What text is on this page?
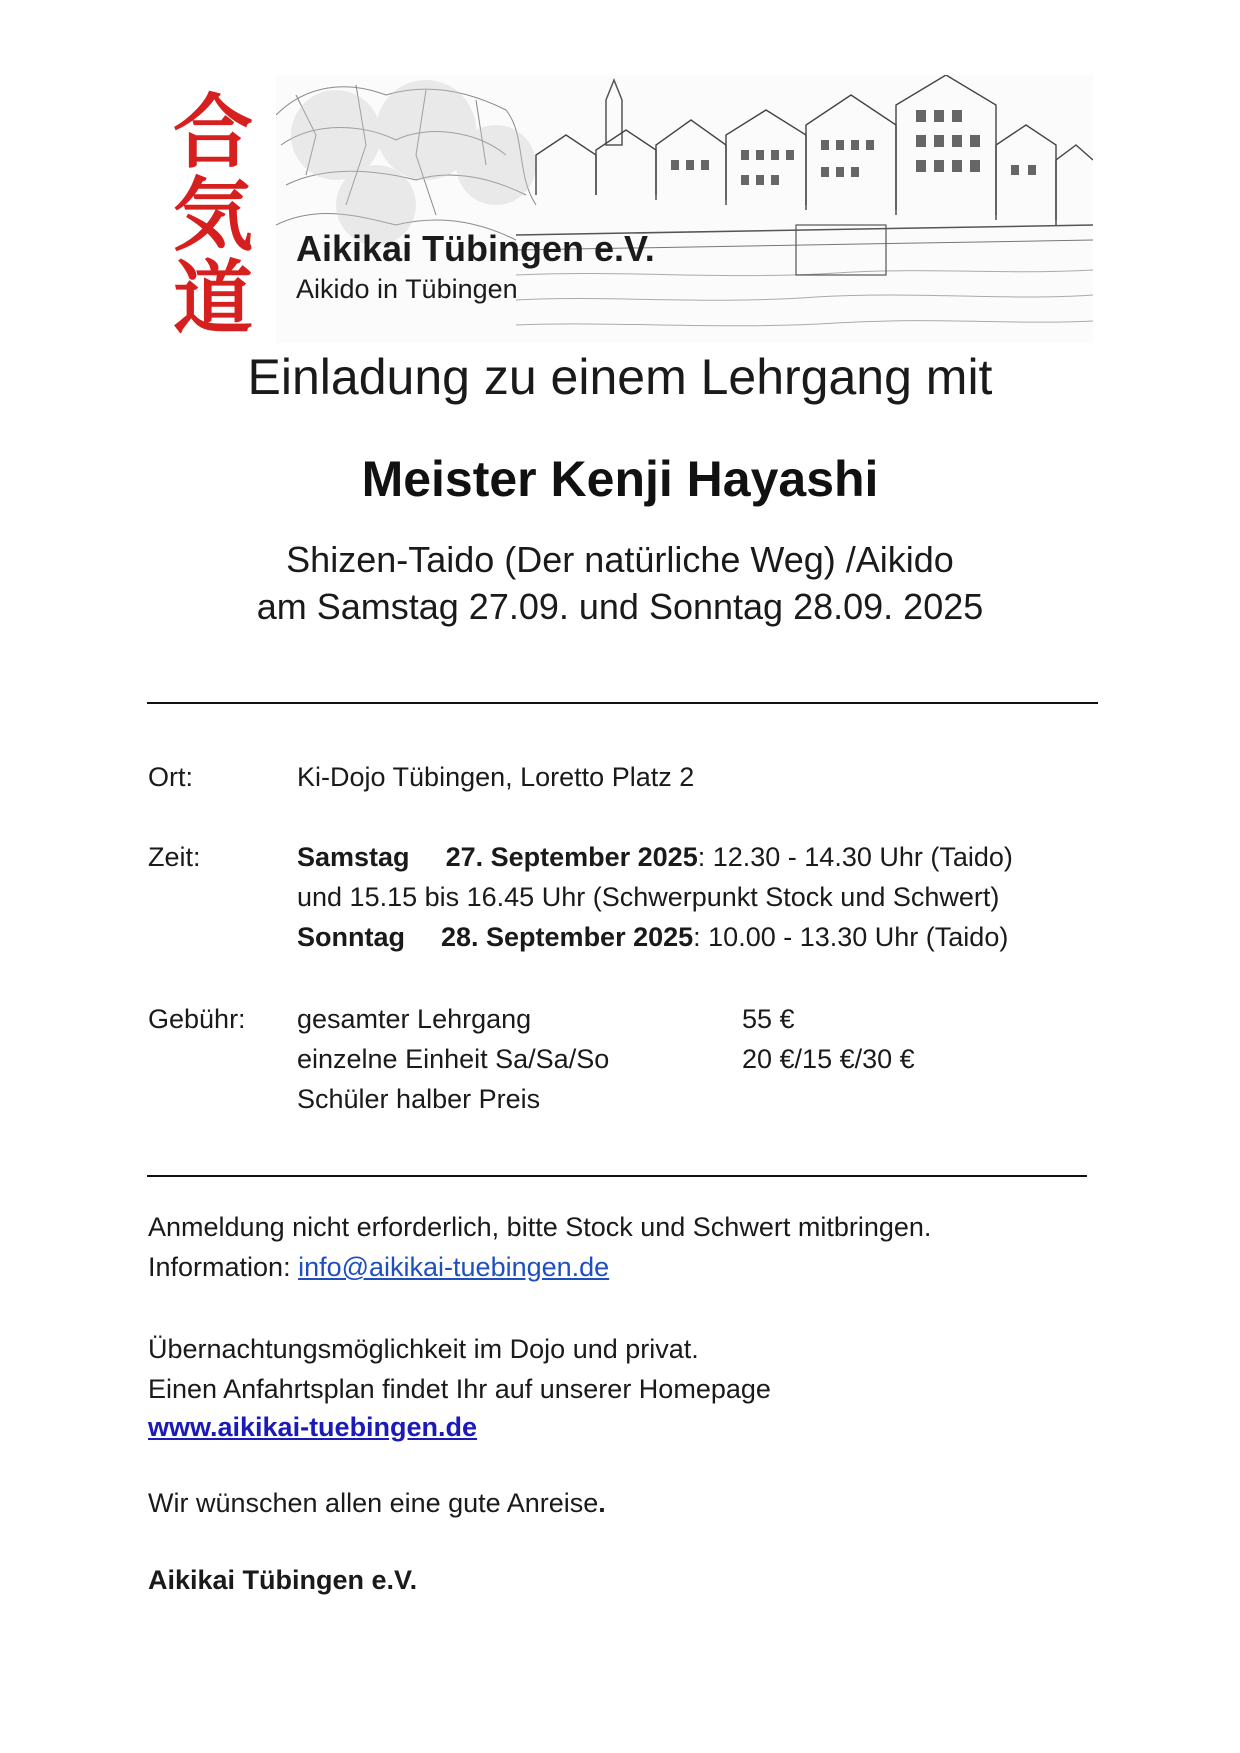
合
気
道
Aikikai Tübingen e.V.
Aikido in Tübingen
Einladung zu einem Lehrgang mit
Meister Kenji Hayashi
Shizen-Taido (Der natürliche Weg) /Aikido
am Samstag 27.09. und Sonntag 28.09. 2025
Ort:	Ki-Dojo Tübingen, Loretto Platz 2
Zeit:	Samstag 27. September 2025: 12.30 - 14.30 Uhr (Taido)
und 15.15 bis 16.45 Uhr (Schwerpunkt Stock und Schwert)
Sonntag 28. September 2025: 10.00 - 13.30 Uhr (Taido)
Gebühr: gesamter Lehrgang	55 €
einzelne Einheit Sa/Sa/So	20 €/15 €/30 €
Schüler halber Preis
Anmeldung nicht erforderlich, bitte Stock und Schwert mitbringen.
Information: info@aikikai-tuebingen.de
Übernachtungsmöglichkeit im Dojo und privat.
Einen Anfahrtsplan findet Ihr auf unserer Homepage
www.aikikai-tuebingen.de
Wir wünschen allen eine gute Anreise.
Aikikai Tübingen e.V.
